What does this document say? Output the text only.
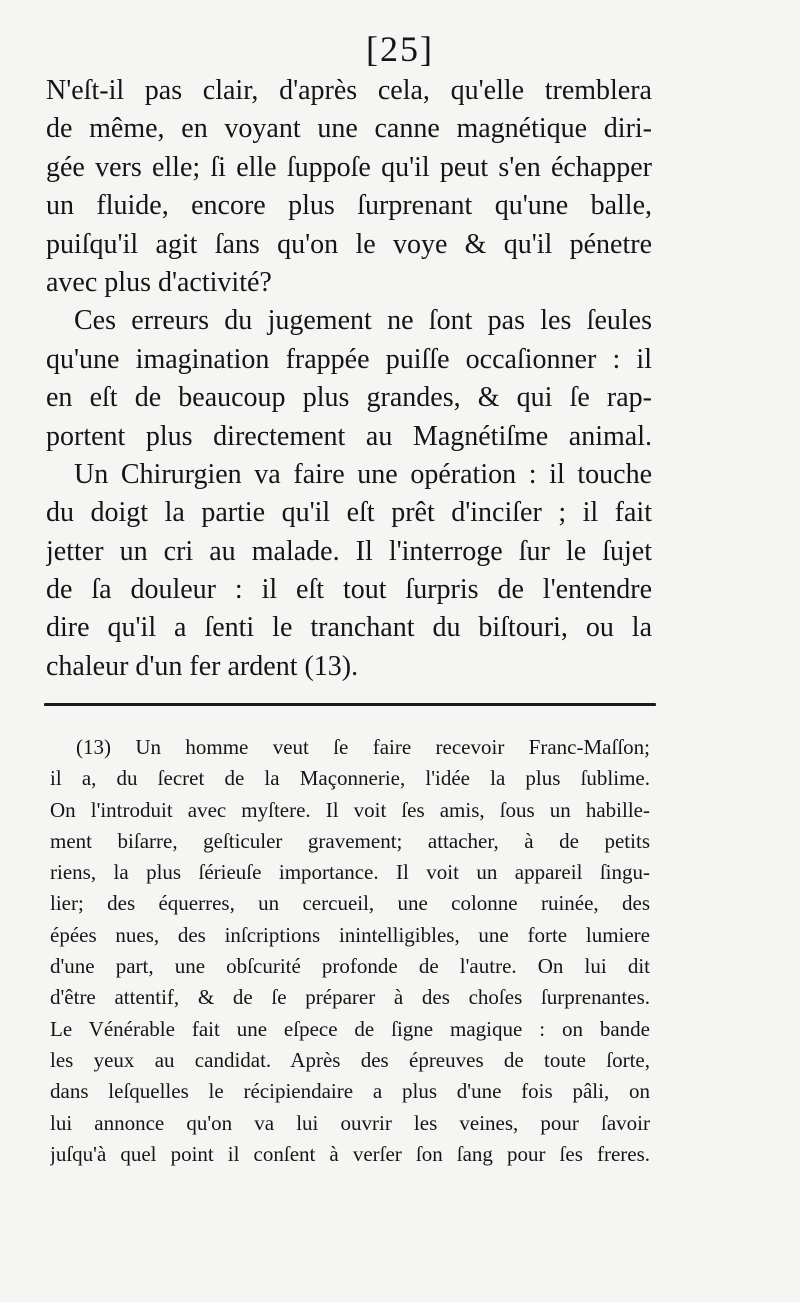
[25]
N'eſt-il pas clair, d'après cela, qu'elle tremblera
de même, en voyant une canne magnétique diri-
gée vers elle; ſi elle ſuppoſe qu'il peut s'en échapper
un fluide, encore plus ſurprenant qu'une balle,
puiſqu'il agit ſans qu'on le voye & qu'il pénetre
avec plus d'activité?
Ces erreurs du jugement ne ſont pas les ſeules
qu'une imagination frappée puiſſe occaſionner : il
en eſt de beaucoup plus grandes, & qui ſe rap-
portent plus directement au Magnétiſme animal.
Un Chirurgien va faire une opération : il touche
du doigt la partie qu'il eſt prêt d'inciſer ; il fait
jetter un cri au malade. Il l'interroge ſur le ſujet
de ſa douleur : il eſt tout ſurpris de l'entendre
dire qu'il a ſenti le tranchant du biſtouri, ou la
chaleur d'un fer ardent (13).
(13) Un homme veut ſe faire recevoir Franc-Maſſon;
il a, du ſecret de la Maçonnerie, l'idée la plus ſublime.
On l'introduit avec myſtere. Il voit ſes amis, ſous un habille-
ment biſarre, geſticuler gravement; attacher, à de petits
riens, la plus ſérieuſe importance. Il voit un appareil ſingu-
lier; des équerres, un cercueil, une colonne ruinée, des
épées nues, des inſcriptions inintelligibles, une forte lumiere
d'une part, une obſcurité profonde de l'autre. On lui dit
d'être attentif, & de ſe préparer à des choſes ſurprenantes.
Le Vénérable fait une eſpece de ſigne magique : on bande
les yeux au candidat. Après des épreuves de toute ſorte,
dans leſquelles le récipiendaire a plus d'une fois pâli, on
lui annonce qu'on va lui ouvrir les veines, pour ſavoir
juſqu'à quel point il conſent à verſer ſon ſang pour ſes freres.
